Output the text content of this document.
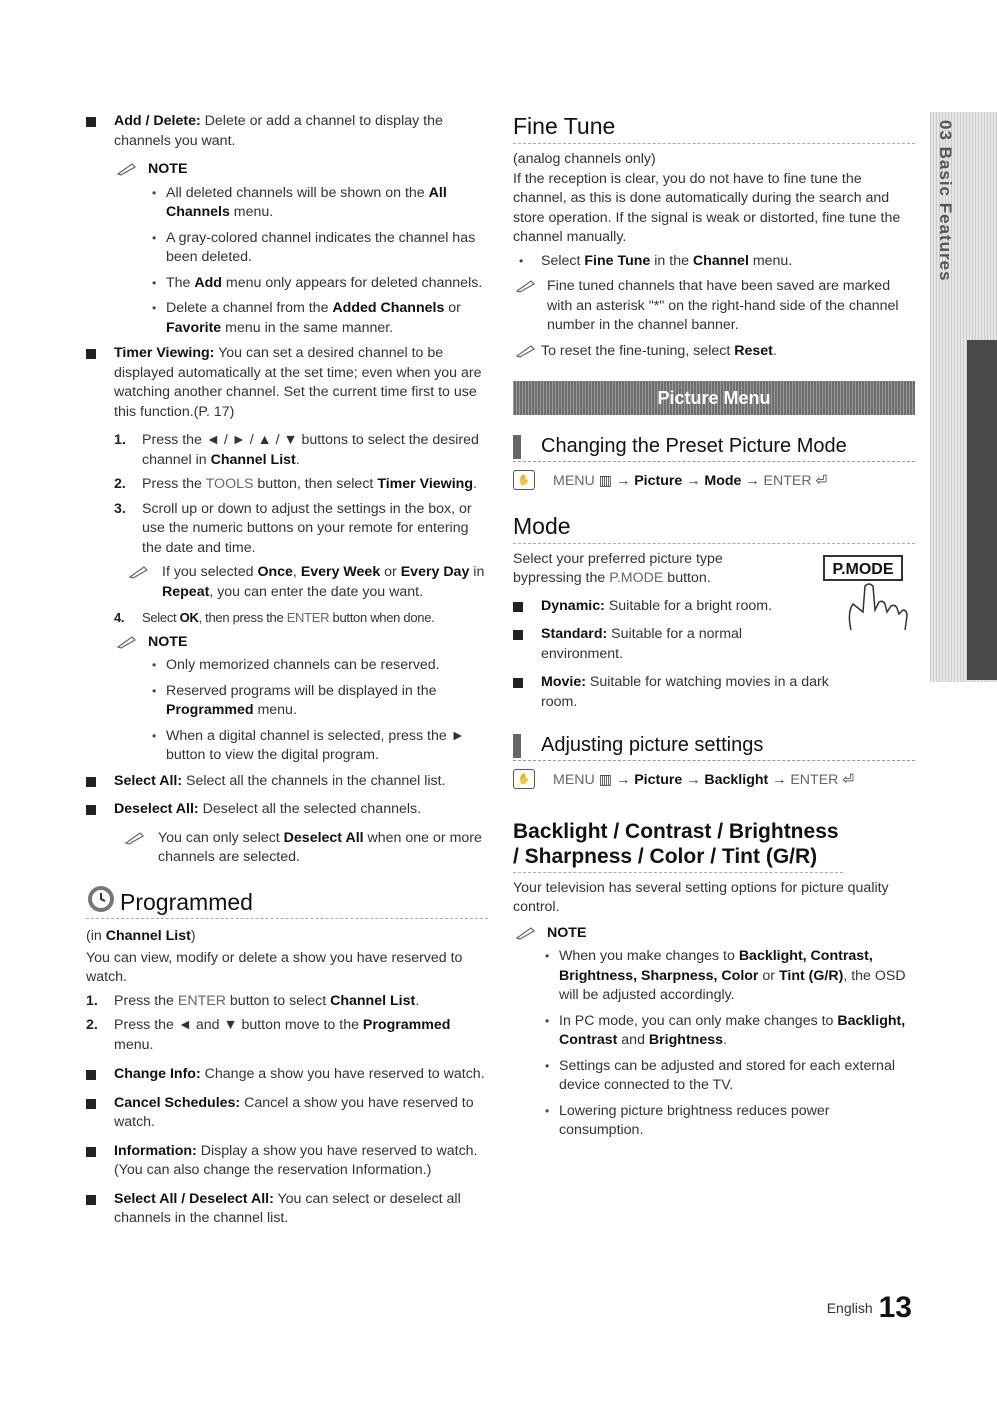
03 Basic Features

Add / Delete: Delete or add a channel to display the channels you want.

NOTE

• All deleted channels will be shown on the All Channels menu.

• A gray-colored channel indicates the channel has been deleted.

• The Add menu only appears for deleted channels.

• Delete a channel from the Added Channels or Favorite menu in the same manner.

Timer Viewing: You can set a desired channel to be displayed automatically at the set time; even when you are watching another channel. Set the current time first to use this function.(P. 17)

1. Press the ◄ / ► / ▲ / ▼ buttons to select the desired channel in Channel List.

2. Press the TOOLS button, then select Timer Viewing.

3. Scroll up or down to adjust the settings in the box, or use the numeric buttons on your remote for entering the date and time.

If you selected Once, Every Week or Every Day in Repeat, you can enter the date you want.

4. Select OK, then press the ENTER button when done.

NOTE

• Only memorized channels can be reserved.

• Reserved programs will be displayed in the Programmed menu.

• When a digital channel is selected, press the ► button to view the digital program.

Select All: Select all the channels in the channel list.

Deselect All: Deselect all the selected channels.

You can only select Deselect All when one or more channels are selected.

Programmed

(in Channel List)

You can view, modify or delete a show you have reserved to watch.

1. Press the ENTER button to select Channel List.

2. Press the ◄ and ▼ button move to the Programmed menu.

Change Info: Change a show you have reserved to watch.

Cancel Schedules: Cancel a show you have reserved to watch.

Information: Display a show you have reserved to watch. (You can also change the reservation Information.)

Select All / Deselect All: You can select or deselect all channels in the channel list.

Fine Tune

(analog channels only)

If the reception is clear, you do not have to fine tune the channel, as this is done automatically during the search and store operation. If the signal is weak or distorted, fine tune the channel manually.

• Select Fine Tune in the Channel menu.

Fine tuned channels that have been saved are marked with an asterisk "*" on the right-hand side of the channel number in the channel banner.

To reset the fine-tuning, select Reset.

Picture Menu
Changing the Preset Picture Mode

✋	MENU ▥ → Picture → Mode → ENTER ⏎

Mode

Select your preferred picture type
bypressing the P.MODE button.

P.MODE

Dynamic: Suitable for a bright room.

Standard: Suitable for a normal environment.

Movie: Suitable for watching movies in a dark room.

Adjusting picture settings

✋	MENU ▥ → Picture → Backlight → ENTER ⏎

Backlight / Contrast / Brightness / Sharpness / Color / Tint (G/R)

Your television has several setting options for picture quality control.

NOTE

• When you make changes to Backlight, Contrast, Brightness, Sharpness, Color or Tint (G/R), the OSD will be adjusted accordingly.

• In PC mode, you can only make changes to Backlight, Contrast and Brightness.

• Settings can be adjusted and stored for each external device connected to the TV.

• Lowering picture brightness reduces power consumption.

English 13
